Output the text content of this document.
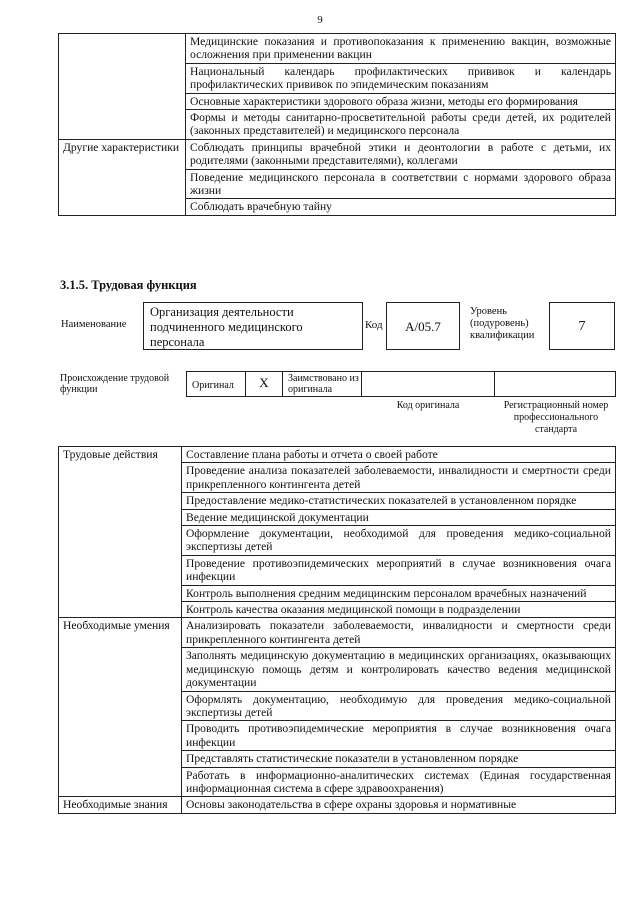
9
	Медицинские показания и противопоказания к применению вакцин, возможные осложнения при применении вакцин
	Национальный календарь профилактических прививок и календарь профилактических прививок по эпидемическим показаниям
	Основные характеристики здорового образа жизни, методы его формирования
	Формы и методы санитарно-просветительной работы среди детей, их родителей (законных представителей) и медицинского персонала
Другие характеристики	Соблюдать принципы врачебной этики и деонтологии в работе с детьми, их родителями (законными представителями), коллегами
	Поведение медицинского персонала в соответствии с нормами здорового образа жизни
	Соблюдать врачебную тайну
3.1.5. Трудовая функция
Наименование
Организация деятельности подчиненного медицинского персонала
Код	А/05.7
Уровень (подуровень) квалификации
7
Происхождение трудовой функции	Оригинал	X	Заимствовано из оригинала
Код оригинала	Регистрационный номер профессионального стандарта
Трудовые действия	Составление плана работы и отчета о своей работе
	Проведение анализа показателей заболеваемости, инвалидности и смертности среди прикрепленного контингента детей
	Предоставление медико-статистических показателей в установленном порядке
	Ведение медицинской документации
	Оформление документации, необходимой для проведения медико-социальной экспертизы детей
	Проведение противоэпидемических мероприятий в случае возникновения очага инфекции
	Контроль выполнения средним медицинским персоналом врачебных назначений
	Контроль качества оказания медицинской помощи в подразделении
Необходимые умения	Анализировать показатели заболеваемости, инвалидности и смертности среди прикрепленного контингента детей
	Заполнять медицинскую документацию в медицинских организациях, оказывающих медицинскую помощь детям и контролировать качество ведения медицинской документации
	Оформлять документацию, необходимую для проведения медико-социальной экспертизы детей
	Проводить противоэпидемические мероприятия в случае возникновения очага инфекции
	Представлять статистические показатели в установленном порядке
	Работать в информационно-аналитических системах (Единая государственная информационная система в сфере здравоохранения)
Необходимые знания	Основы законодательства в сфере охраны здоровья и нормативные
